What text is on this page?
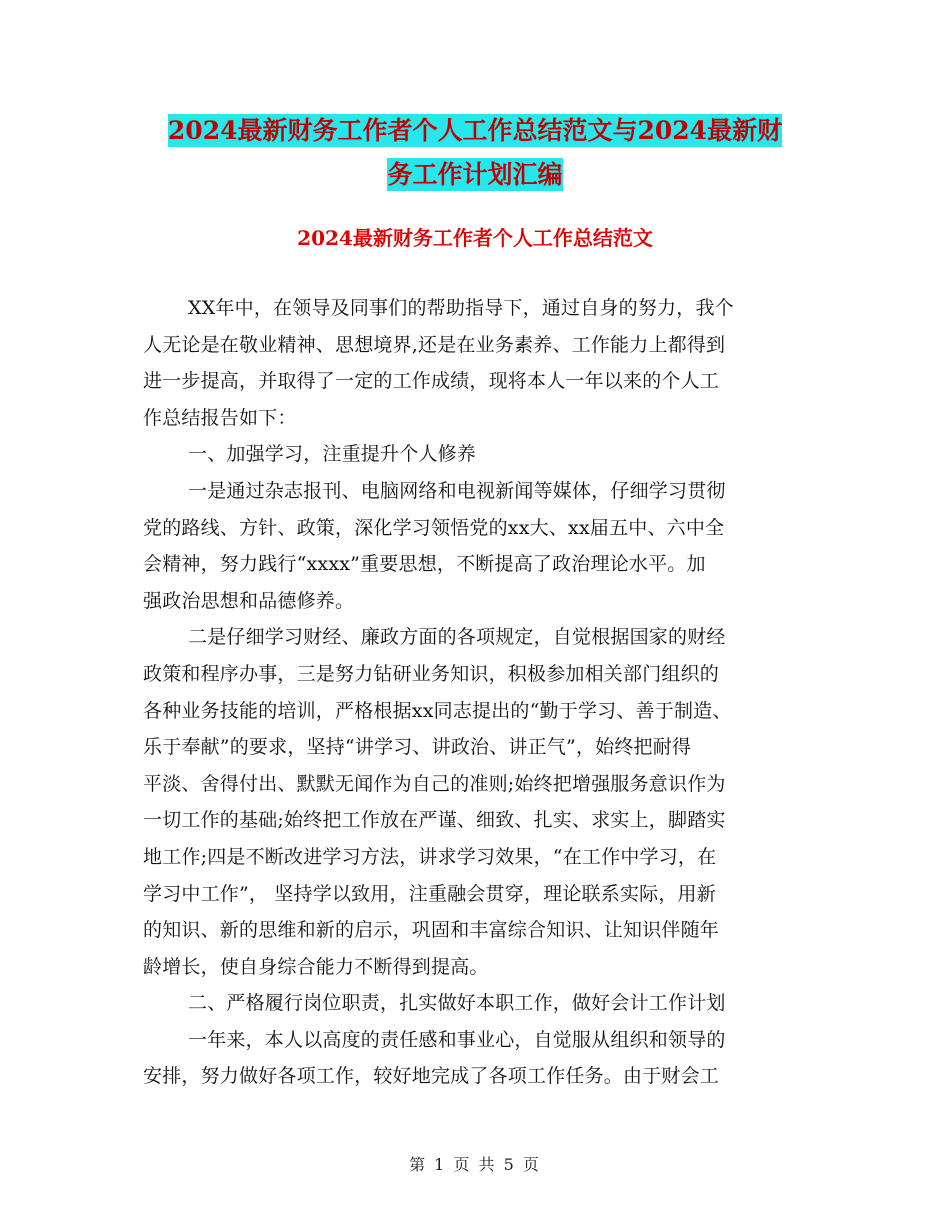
2024最新财务工作者个人工作总结范文与2024最新财
务工作计划汇编
2024最新财务工作者个人工作总结范文
XX年中，在领导及同事们的帮助指导下，通过自身的努力，我个
人无论是在敬业精神、思想境界,还是在业务素养、工作能力上都得到
进一步提高，并取得了一定的工作成绩，现将本人一年以来的个人工
作总结报告如下：
一、加强学习，注重提升个人修养
一是通过杂志报刊、电脑网络和电视新闻等媒体，仔细学习贯彻
党的路线、方针、政策，深化学习领悟党的xx大、xx届五中、六中全
会精神，努力践行“xxxx”重要思想，不断提高了政治理论水平。加
强政治思想和品德修养。
二是仔细学习财经、廉政方面的各项规定，自觉根据国家的财经
政策和程序办事，三是努力钻研业务知识，积极参加相关部门组织的
各种业务技能的培训，严格根据xx同志提出的“勤于学习、善于制造、
乐于奉献”的要求，坚持“讲学习、讲政治、讲正气”，始终把耐得
平淡、舍得付出、默默无闻作为自己的准则;始终把增强服务意识作为
一切工作的基础;始终把工作放在严谨、细致、扎实、求实上，脚踏实
地工作;四是不断改进学习方法，讲求学习效果，“在工作中学习，在
学习中工作”， 坚持学以致用，注重融会贯穿，理论联系实际，用新
的知识、新的思维和新的启示，巩固和丰富综合知识、让知识伴随年
龄增长，使自身综合能力不断得到提高。
二、严格履行岗位职责，扎实做好本职工作，做好会计工作计划
一年来，本人以高度的责任感和事业心，自觉服从组织和领导的
安排，努力做好各项工作，较好地完成了各项工作任务。由于财会工
第 1 页 共 5 页
